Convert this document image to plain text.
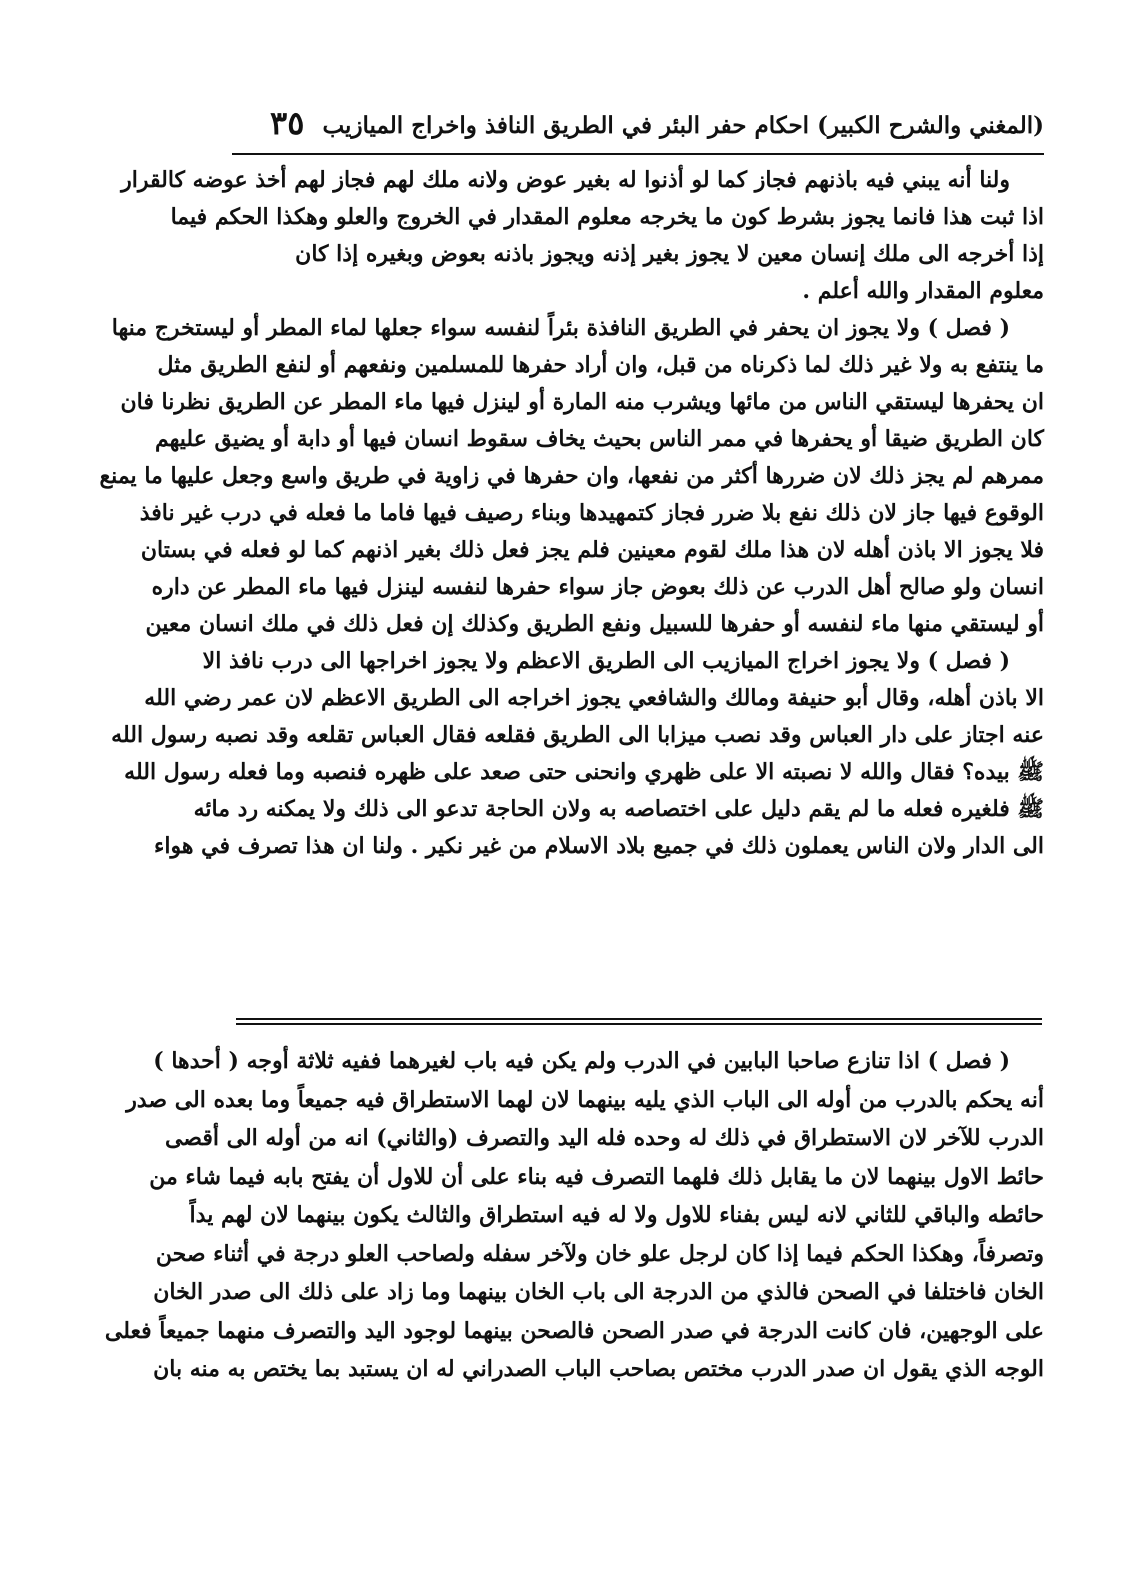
(المغني والشرح الكبير) احكام حفر البئر في الطريق النافذ واخراج الميازيب
٣٥
ولنا أنه يبني فيه باذنهم فجاز كما لو أذنوا له بغير عوض ولانه ملك لهم فجاز لهم أخذ عوضه كالقرار
اذا ثبت هذا فانما يجوز بشرط كون ما يخرجه معلوم المقدار في الخروج والعلو وهكذا الحكم فيما
إذا أخرجه الى ملك إنسان معين لا يجوز بغير إذنه ويجوز باذنه بعوض وبغيره إذا كان
معلوم المقدار والله أعلم .
( فصل ) ولا يجوز ان يحفر في الطريق النافذة بئراً لنفسه سواء جعلها لماء المطر أو ليستخرج منها
ما ينتفع به ولا غير ذلك لما ذكرناه من قبل، وان أراد حفرها للمسلمين ونفعهم أو لنفع الطريق مثل
ان يحفرها ليستقي الناس من مائها ويشرب منه المارة أو لينزل فيها ماء المطر عن الطريق نظرنا فان
كان الطريق ضيقا أو يحفرها في ممر الناس بحيث يخاف سقوط انسان فيها أو دابة أو يضيق عليهم
ممرهم لم يجز ذلك لان ضررها أكثر من نفعها، وان حفرها في زاوية في طريق واسع وجعل عليها ما يمنع
الوقوع فيها جاز لان ذلك نفع بلا ضرر فجاز كتمهيدها وبناء رصيف فيها فاما ما فعله في درب غير نافذ
فلا يجوز الا باذن أهله لان هذا ملك لقوم معينين فلم يجز فعل ذلك بغير اذنهم كما لو فعله في بستان
انسان ولو صالح أهل الدرب عن ذلك بعوض جاز سواء حفرها لنفسه لينزل فيها ماء المطر عن داره
أو ليستقي منها ماء لنفسه أو حفرها للسبيل ونفع الطريق وكذلك إن فعل ذلك في ملك انسان معين
( فصل ) ولا يجوز اخراج الميازيب الى الطريق الاعظم ولا يجوز اخراجها الى درب نافذ الا
الا باذن أهله، وقال أبو حنيفة ومالك والشافعي يجوز اخراجه الى الطريق الاعظم لان عمر رضي الله
عنه اجتاز على دار العباس وقد نصب ميزابا الى الطريق فقلعه فقال العباس تقلعه وقد نصبه رسول الله
ﷺ بيده؟ فقال والله لا نصبته الا على ظهري وانحنى حتى صعد على ظهره فنصبه وما فعله رسول الله
ﷺ فلغيره فعله ما لم يقم دليل على اختصاصه به ولان الحاجة تدعو الى ذلك ولا يمكنه رد مائه
الى الدار ولان الناس يعملون ذلك في جميع بلاد الاسلام من غير نكير . ولنا ان هذا تصرف في هواء
( فصل ) اذا تنازع صاحبا البابين في الدرب ولم يكن فيه باب لغيرهما ففيه ثلاثة أوجه ( أحدها )
أنه يحكم بالدرب من أوله الى الباب الذي يليه بينهما لان لهما الاستطراق فيه جميعاً وما بعده الى صدر
الدرب للآخر لان الاستطراق في ذلك له وحده فله اليد والتصرف (والثاني) انه من أوله الى أقصى
حائط الاول بينهما لان ما يقابل ذلك فلهما التصرف فيه بناء على أن للاول أن يفتح بابه فيما شاء من
حائطه والباقي للثاني لانه ليس بفناء للاول ولا له فيه استطراق والثالث يكون بينهما لان لهم يداً
وتصرفاً، وهكذا الحكم فيما إذا كان لرجل علو خان ولآخر سفله ولصاحب العلو درجة في أثناء صحن
الخان فاختلفا في الصحن فالذي من الدرجة الى باب الخان بينهما وما زاد على ذلك الى صدر الخان
على الوجهين، فان كانت الدرجة في صدر الصحن فالصحن بينهما لوجود اليد والتصرف منهما جميعاً فعلى
الوجه الذي يقول ان صدر الدرب مختص بصاحب الباب الصدراني له ان يستبد بما يختص به منه بان
